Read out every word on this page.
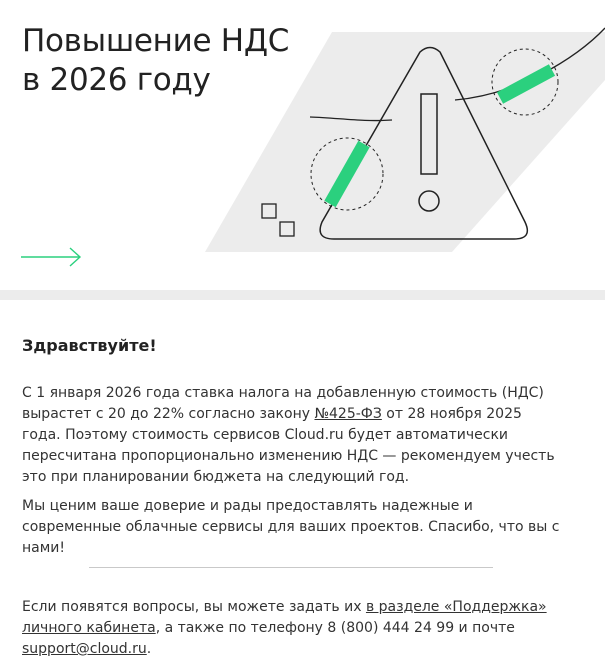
Повышение НДС
в 2026 году

Здравствуйте!

С 1 января 2026 года ставка налога на добавленную стоимость (НДС) вырастет с 20 до 22% согласно закону №425-ФЗ от 28 ноября 2025 года. Поэтому стоимость сервисов Cloud.ru будет автоматически пересчитана пропорционально изменению НДС — рекомендуем учесть это при планировании бюджета на следующий год.

Мы ценим ваше доверие и рады предоставлять надежные и современные облачные сервисы для ваших проектов. Спасибо, что вы с нами!

Если появятся вопросы, вы можете задать их в разделе «Поддержка» личного кабинета, а также по телефону 8 (800) 444 24 99 и почте support@cloud.ru.
